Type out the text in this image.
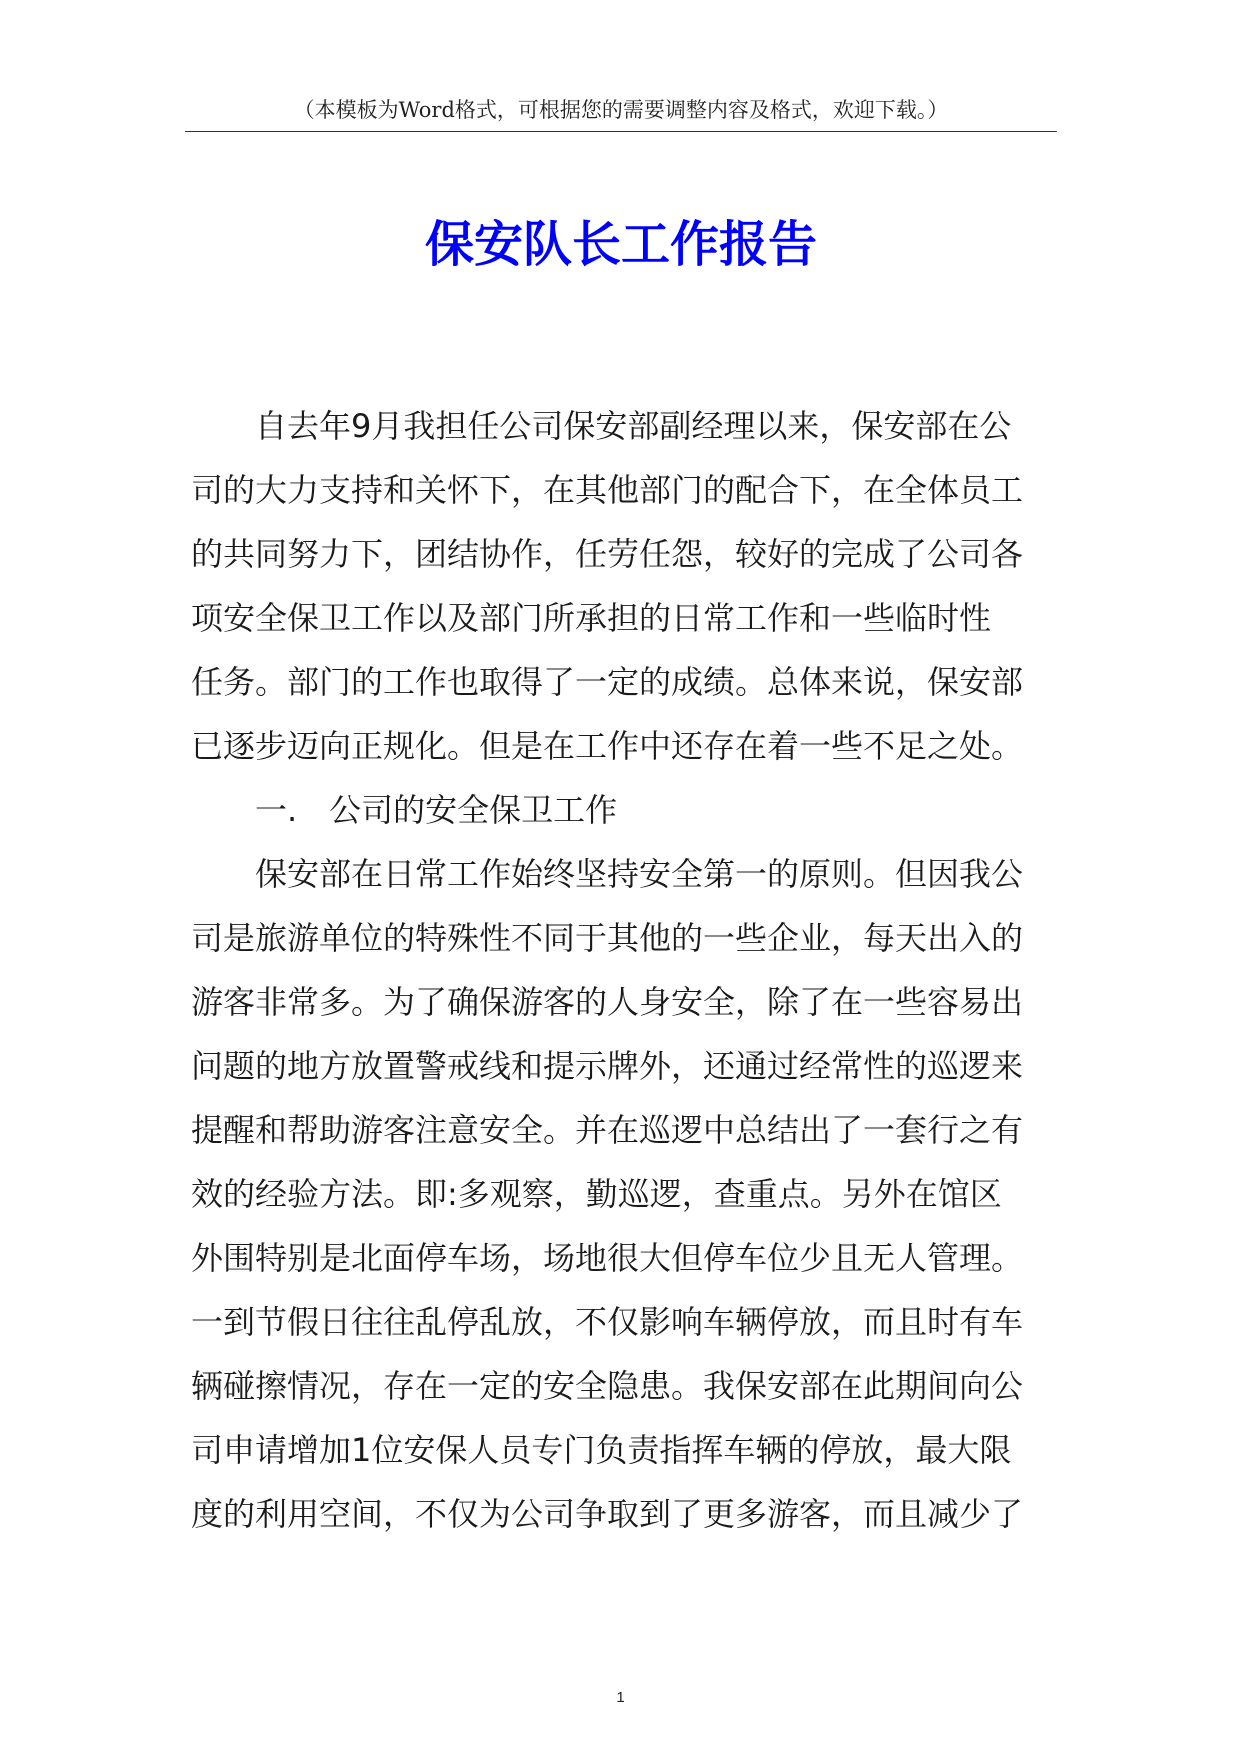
（本模板为Word格式，可根据您的需要调整内容及格式，欢迎下载。）
保安队长工作报告
自去年9月我担任公司保安部副经理以来，保安部在公
司的大力支持和关怀下，在其他部门的配合下，在全体员工
的共同努力下，团结协作，任劳任怨，较好的完成了公司各
项安全保卫工作以及部门所承担的日常工作和一些临时性
任务。部门的工作也取得了一定的成绩。总体来说，保安部
已逐步迈向正规化。但是在工作中还存在着一些不足之处。
一.　公司的安全保卫工作
保安部在日常工作始终坚持安全第一的原则。但因我公
司是旅游单位的特殊性不同于其他的一些企业，每天出入的
游客非常多。为了确保游客的人身安全，除了在一些容易出
问题的地方放置警戒线和提示牌外，还通过经常性的巡逻来
提醒和帮助游客注意安全。并在巡逻中总结出了一套行之有
效的经验方法。即:多观察，勤巡逻，查重点。另外在馆区
外围特别是北面停车场，场地很大但停车位少且无人管理。
一到节假日往往乱停乱放，不仅影响车辆停放，而且时有车
辆碰擦情况，存在一定的安全隐患。我保安部在此期间向公
司申请增加1位安保人员专门负责指挥车辆的停放，最大限
度的利用空间，不仅为公司争取到了更多游客，而且减少了
1
